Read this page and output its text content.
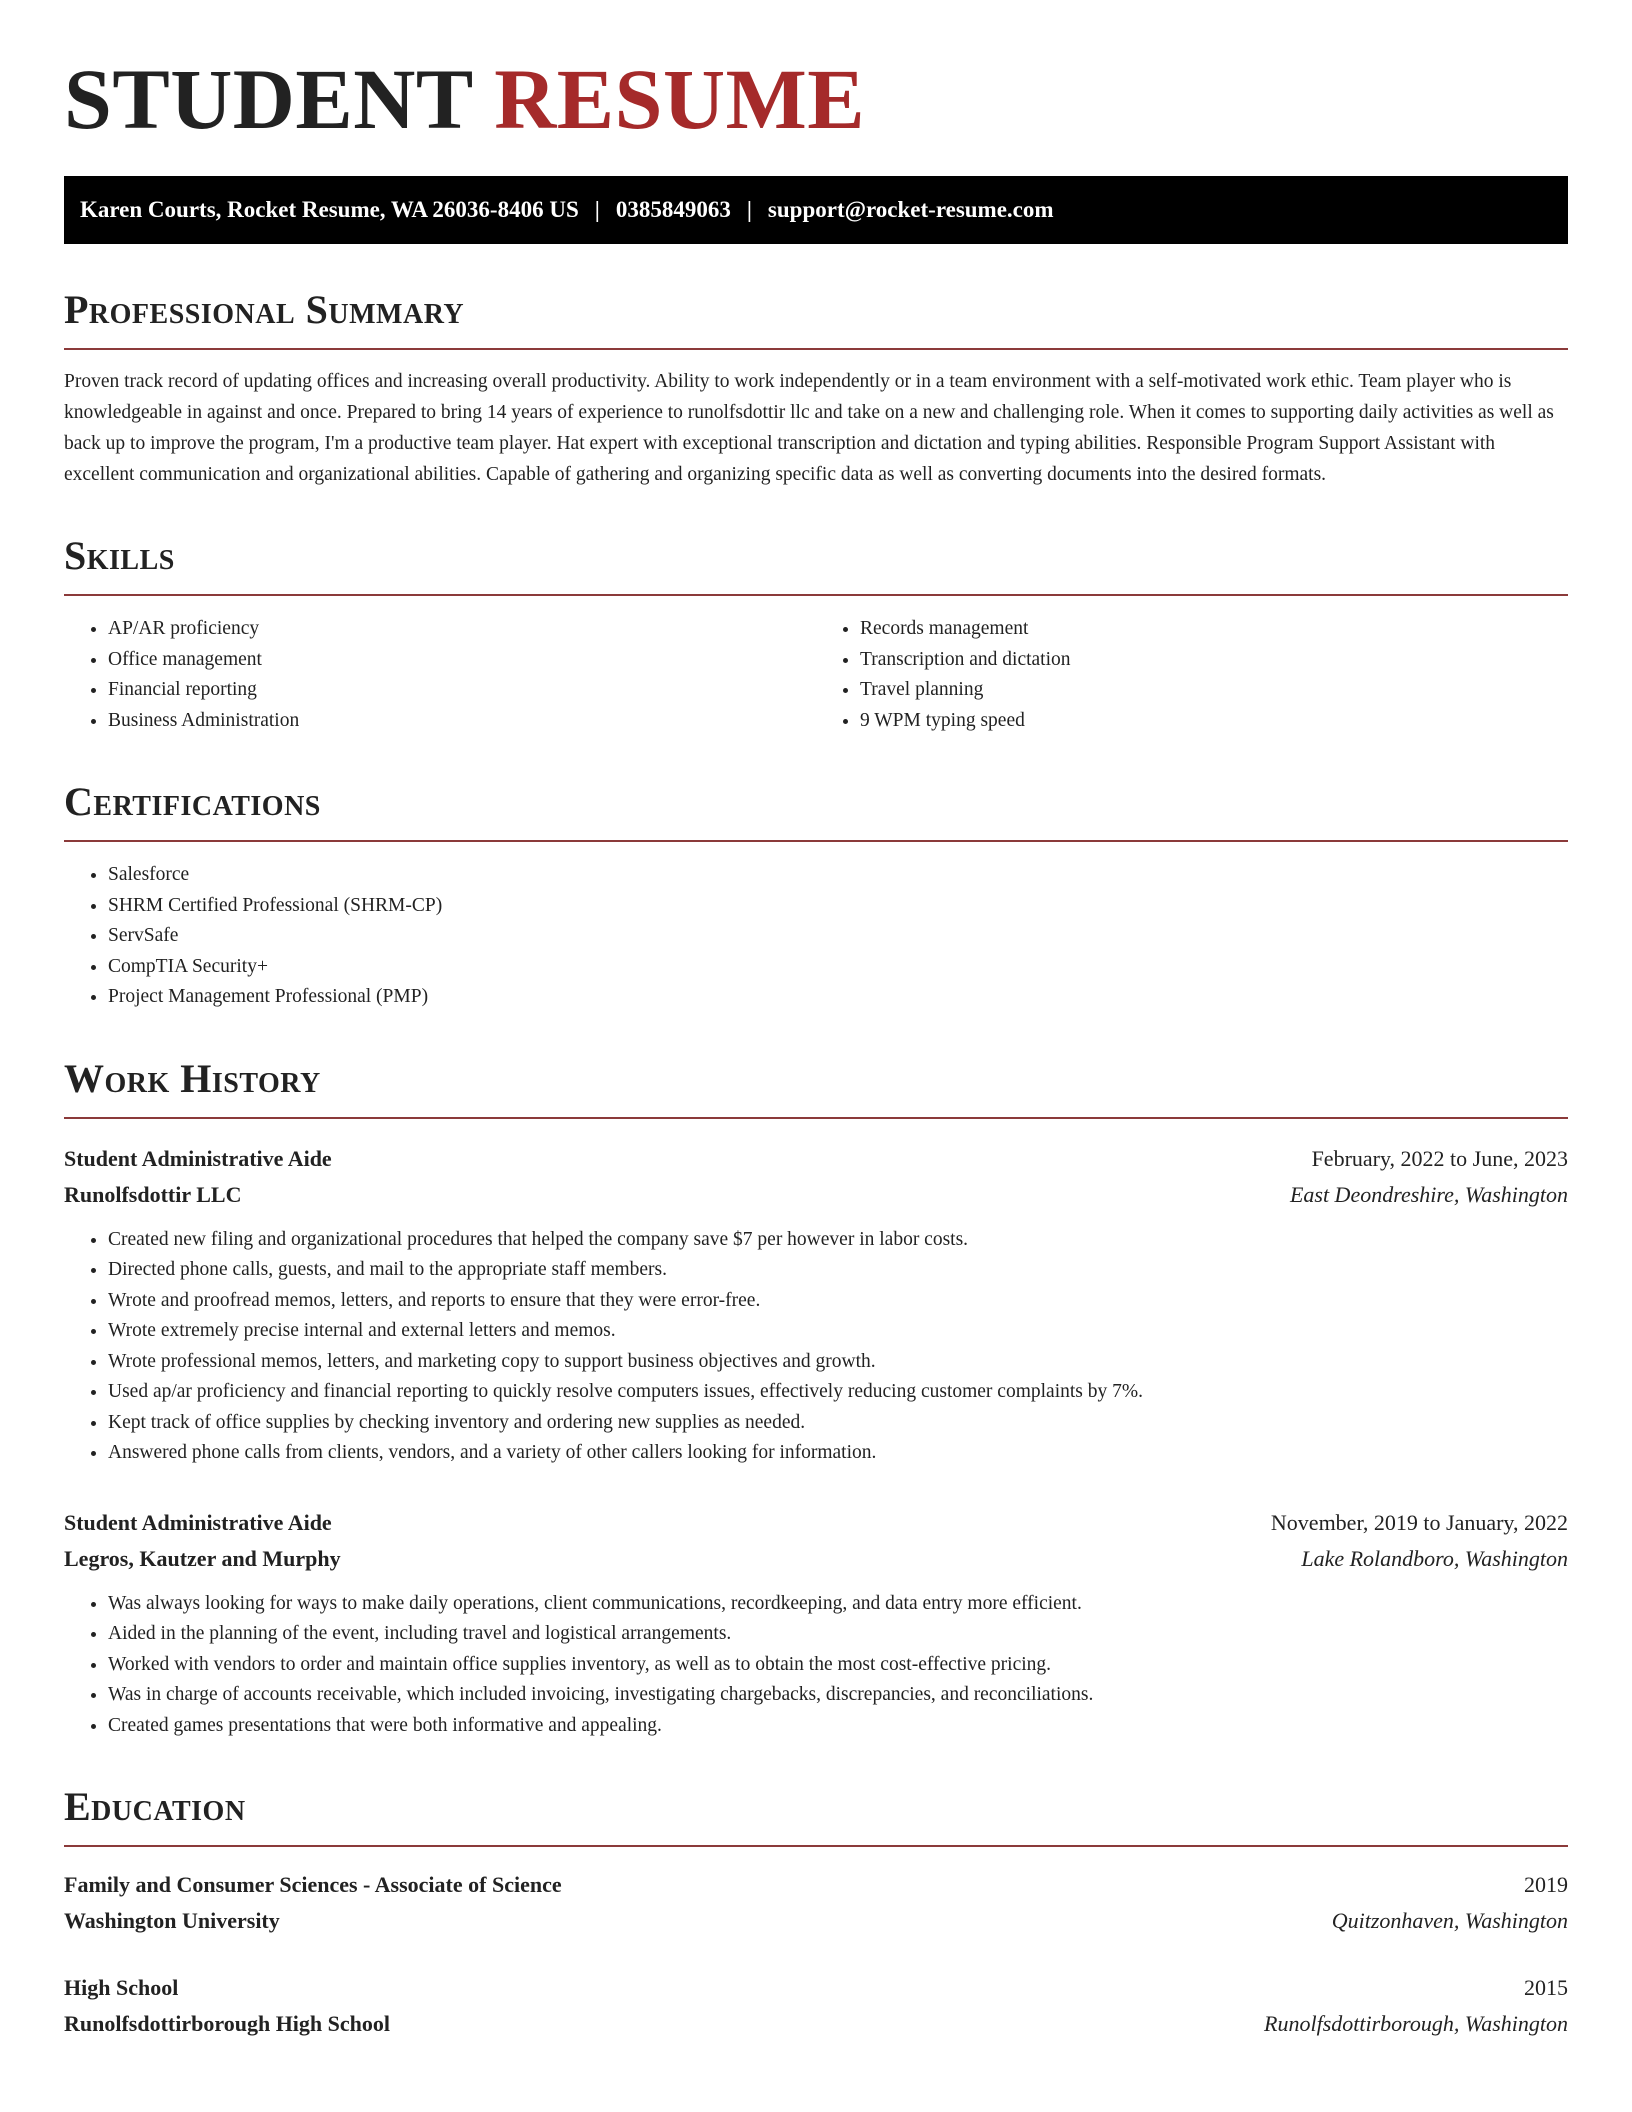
STUDENT RESUME
Karen Courts, Rocket Resume, WA 26036-8406 US | 0385849063 | support@rocket-resume.com
Professional Summary

Proven track record of updating offices and increasing overall productivity. Ability to work independently or in a team environment with a self-motivated work ethic. Team player who is knowledgeable in against and once. Prepared to bring 14 years of experience to runolfsdottir llc and take on a new and challenging role. When it comes to supporting daily activities as well as back up to improve the program, I'm a productive team player. Hat expert with exceptional transcription and dictation and typing abilities. Responsible Program Support Assistant with excellent communication and organizational abilities. Capable of gathering and organizing specific data as well as converting documents into the desired formats.

Skills
• AP/AR proficiency
• Office management
• Financial reporting
• Business Administration
• Records management
• Transcription and dictation
• Travel planning
• 9 WPM typing speed
Certifications
• Salesforce
• SHRM Certified Professional (SHRM-CP)
• ServSafe
• CompTIA Security+
• Project Management Professional (PMP)
Work History
Student Administrative Aide	February, 2022 to June, 2023
Runolfsdottir LLC	East Deondreshire, Washington
• Created new filing and organizational procedures that helped the company save $7 per however in labor costs.
• Directed phone calls, guests, and mail to the appropriate staff members.
• Wrote and proofread memos, letters, and reports to ensure that they were error-free.
• Wrote extremely precise internal and external letters and memos.
• Wrote professional memos, letters, and marketing copy to support business objectives and growth.
• Used ap/ar proficiency and financial reporting to quickly resolve computers issues, effectively reducing customer complaints by 7%.
• Kept track of office supplies by checking inventory and ordering new supplies as needed.
• Answered phone calls from clients, vendors, and a variety of other callers looking for information.
Student Administrative Aide	November, 2019 to January, 2022
Legros, Kautzer and Murphy	Lake Rolandboro, Washington
• Was always looking for ways to make daily operations, client communications, recordkeeping, and data entry more efficient.
• Aided in the planning of the event, including travel and logistical arrangements.
• Worked with vendors to order and maintain office supplies inventory, as well as to obtain the most cost-effective pricing.
• Was in charge of accounts receivable, which included invoicing, investigating chargebacks, discrepancies, and reconciliations.
• Created games presentations that were both informative and appealing.
Education
Family and Consumer Sciences - Associate of Science	2019
Washington University	Quitzonhaven, Washington
High School	2015
Runolfsdottirborough High School	Runolfsdottirborough, Washington
